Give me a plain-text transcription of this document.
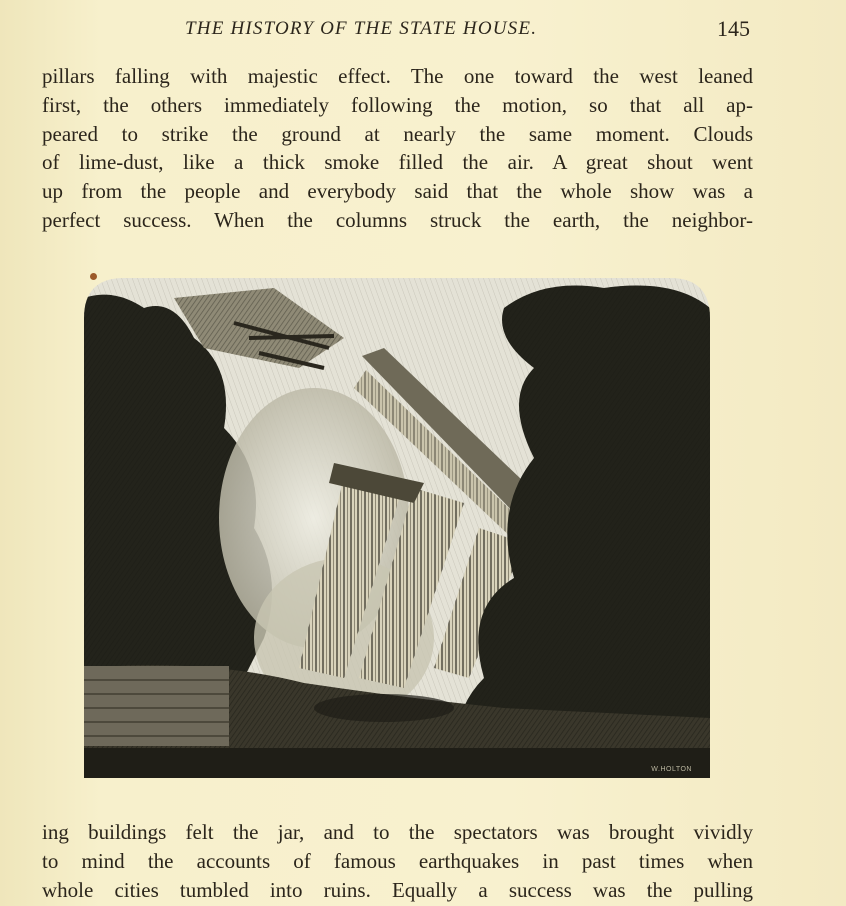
THE HISTORY OF THE STATE HOUSE.	145
pillars falling with majestic effect. The one toward the west leaned
first, the others immediately following the motion, so that all ap-
peared to strike the ground at nearly the same moment. Clouds
of lime-dust, like a thick smoke filled the air. A great shout went
up from the people and everybody said that the whole show was a
perfect success. When the columns struck the earth, the neighbor-
W.HOLTON
ing buildings felt the jar, and to the spectators was brought vividly
to mind the accounts of famous earthquakes in past times when
whole cities tumbled into ruins. Equally a success was the pulling
